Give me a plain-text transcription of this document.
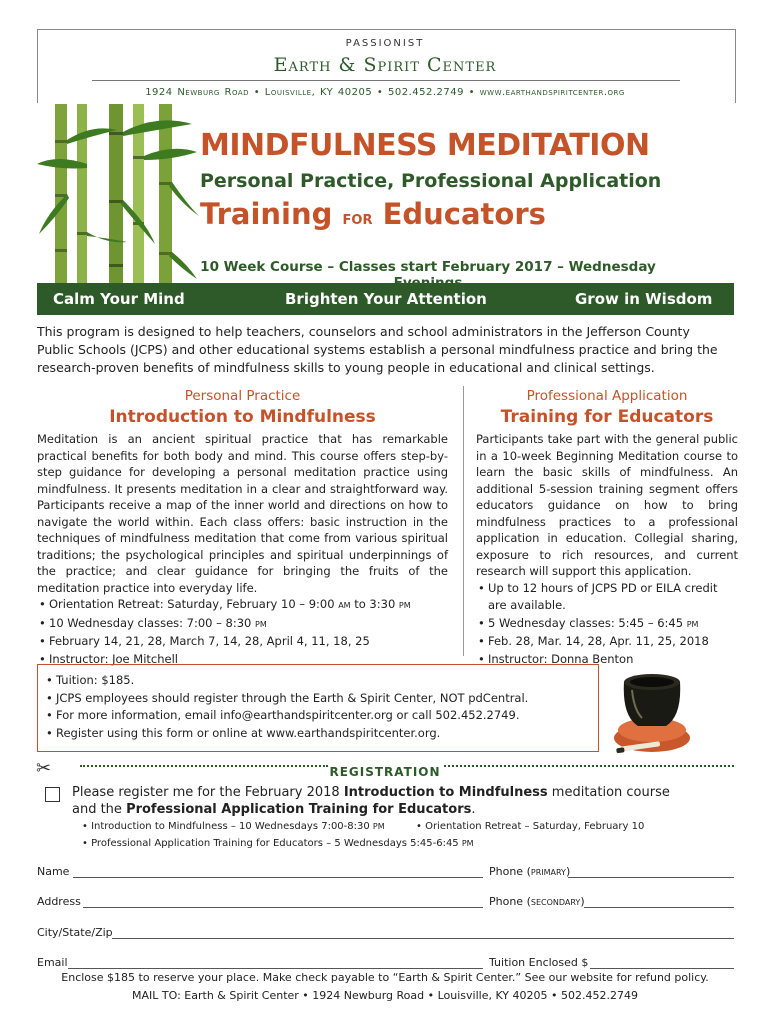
PASSIONIST
Earth & Spirit Center
1924 Newburg Road • Louisville, KY 40205 • 502.452.2749 • www.earthandspiritcenter.org
MINDFULNESS MEDITATION
Personal Practice, Professional Application
Training for Educators
10 Week Course – Classes start February 2017 – Wednesday
Calm Your Mind	Brighten Your Attention	Grow in Wisdom
This program is designed to help teachers, counselors and school administrators in the Jefferson County Public Schools (JCPS) and other educational systems establish a personal mindfulness practice and bring the research-proven benefits of mindfulness skills to young people in educational and clinical settings.
Personal Practice
Introduction to Mindfulness
Meditation is an ancient spiritual practice that has remarkable practical benefits for both body and mind. This course offers step-by-step guidance for developing a personal meditation practice using mindfulness. It presents meditation in a clear and straightforward way. Participants receive a map of the inner world and directions on how to navigate the world within. Each class offers: basic instruction in the techniques of mindfulness meditation that come from various spiritual traditions; the psychological principles and spiritual underpinnings of the practice; and clear guidance for bringing the fruits of the meditation practice into everyday life.
• Orientation Retreat: Saturday, February 10 – 9:00 AM to 3:30 PM
• 10 Wednesday classes: 7:00 – 8:30 PM
• February 14, 21, 28, March 7, 14, 28, April 4, 11, 18, 25
• Instructor: Joe Mitchell
Professional Application
Training for Educators
Participants take part with the general public in a 10-week Beginning Meditation course to learn the basic skills of mindfulness. An additional 5-session training segment offers educators guidance on how to bring mindfulness practices to a professional application in education. Collegial sharing, exposure to rich resources, and current research will support this application.
• Up to 12 hours of JCPS PD or EILA credit are available.
• 5 Wednesday classes: 5:45 – 6:45 PM
• Feb. 28, Mar. 14, 28, Apr. 11, 25, 2018
• Instructor: Donna Benton
• Tuition: $185.
• JCPS employees should register through the Earth & Spirit Center, NOT pdCentral.
• For more information, email info@earthandspiritcenter.org or call 502.452.2749.
• Register using this form or online at www.earthandspiritcenter.org.
✂	REGISTRATION
Please register me for the February 2018 Introduction to Mindfulness meditation course
and the Professional Application Training for Educators.
• Introduction to Mindfulness – 10 Wednesdays 7:00-8:30 PM	• Orientation Retreat – Saturday, February 10
• Professional Application Training for Educators – 5 Wednesdays 5:45-6:45 PM
Name	Phone (PRIMARY)
Address	Phone (SECONDARY)
City/State/Zip
Email	Tuition Enclosed $
Enclose $185 to reserve your place. Make check payable to “Earth & Spirit Center.” See our website for refund policy.
MAIL TO: Earth & Spirit Center • 1924 Newburg Road • Louisville, KY 40205 • 502.452.2749
